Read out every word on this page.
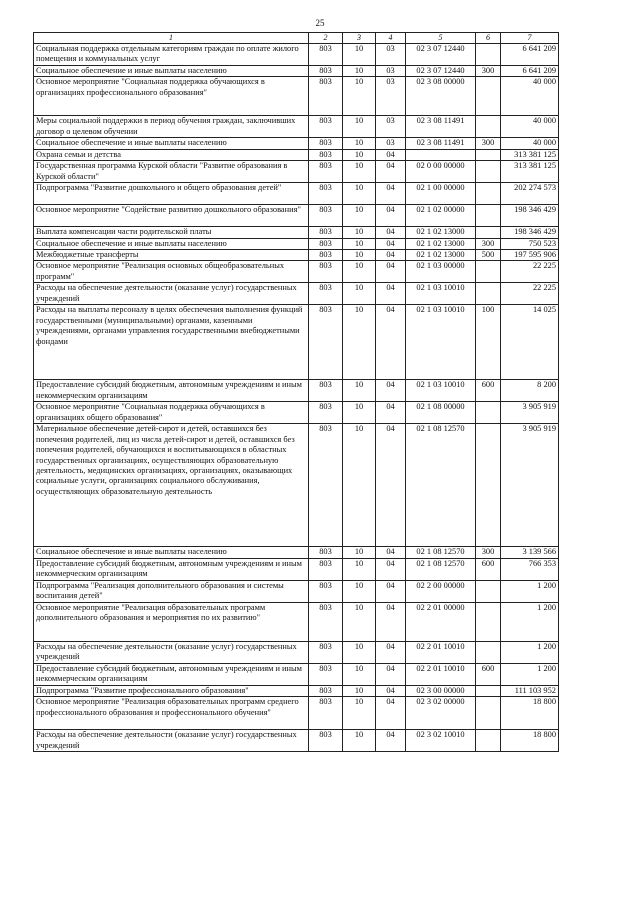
25
1	2	3	4	5	6	7
Социальная поддержка отдельным категориям граждан по оплате жилого помещения и коммунальных услуг	803	10	03	02 3 07 12440		6 641 209
Социальное обеспечение и иные выплаты населению	803	10	03	02 3 07 12440	300	6 641 209
Основное мероприятие "Социальная поддержка обучающихся в организациях профессионального образования"	803	10	03	02 3 08 00000		40 000
Меры социальной поддержки в период обучения граждан, заключивших договор о целевом обучении	803	10	03	02 3 08 11491		40 000
Социальное обеспечение и иные выплаты населению	803	10	03	02 3 08 11491	300	40 000
Охрана семьи и детства	803	10	04			313 381 125
Государственная программа Курской области "Развитие образования в Курской области"	803	10	04	02 0 00 00000		313 381 125
Подпрограмма "Развитие дошкольного и общего образования детей"	803	10	04	02 1 00 00000		202 274 573
Основное мероприятие "Содействие развитию дошкольного образования"	803	10	04	02 1 02 00000		198 346 429
Выплата компенсации части родительской платы	803	10	04	02 1 02 13000		198 346 429
Социальное обеспечение и иные выплаты населению	803	10	04	02 1 02 13000	300	750 523
Межбюджетные трансферты	803	10	04	02 1 02 13000	500	197 595 906
Основное мероприятие "Реализация основных общеобразовательных программ"	803	10	04	02 1 03 00000		22 225
Расходы на обеспечение деятельности (оказание услуг) государственных учреждений	803	10	04	02 1 03 10010		22 225
Расходы на выплаты персоналу в целях обеспечения выполнения функций государственными (муниципальными) органами, казенными учреждениями, органами управления государственными внебюджетными фондами	803	10	04	02 1 03 10010	100	14 025
Предоставление субсидий бюджетным, автономным учреждениям и иным некоммерческим организациям	803	10	04	02 1 03 10010	600	8 200
Основное мероприятие "Социальная поддержка обучающихся в организациях общего образования"	803	10	04	02 1 08 00000		3 905 919
Материальное обеспечение детей-сирот и детей, оставшихся без попечения родителей, лиц из числа детей-сирот и детей, оставшихся без попечения родителей, обучающихся и воспитывающихся в областных государственных организациях, осуществляющих образовательную деятельность, медицинских организациях, организациях, оказывающих социальные услуги, организациях социального обслуживания, осуществляющих образовательную деятельность	803	10	04	02 1 08 12570		3 905 919
Социальное обеспечение и иные выплаты населению	803	10	04	02 1 08 12570	300	3 139 566
Предоставление субсидий бюджетным, автономным учреждениям и иным некоммерческим организациям	803	10	04	02 1 08 12570	600	766 353
Подпрограмма "Реализация дополнительного образования и системы воспитания детей"	803	10	04	02 2 00 00000		1 200
Основное мероприятие "Реализация образовательных программ дополнительного образования и мероприятия по их развитию"	803	10	04	02 2 01 00000		1 200
Расходы на обеспечение деятельности (оказание услуг) государственных учреждений	803	10	04	02 2 01 10010		1 200
Предоставление субсидий бюджетным, автономным учреждениям и иным некоммерческим организациям	803	10	04	02 2 01 10010	600	1 200
Подпрограмма "Развитие профессионального образования"	803	10	04	02 3 00 00000		111 103 952
Основное мероприятие "Реализация образовательных программ среднего профессионального образования и профессионального обучения"	803	10	04	02 3 02 00000		18 800
Расходы на обеспечение деятельности (оказание услуг) государственных учреждений	803	10	04	02 3 02 10010		18 800
